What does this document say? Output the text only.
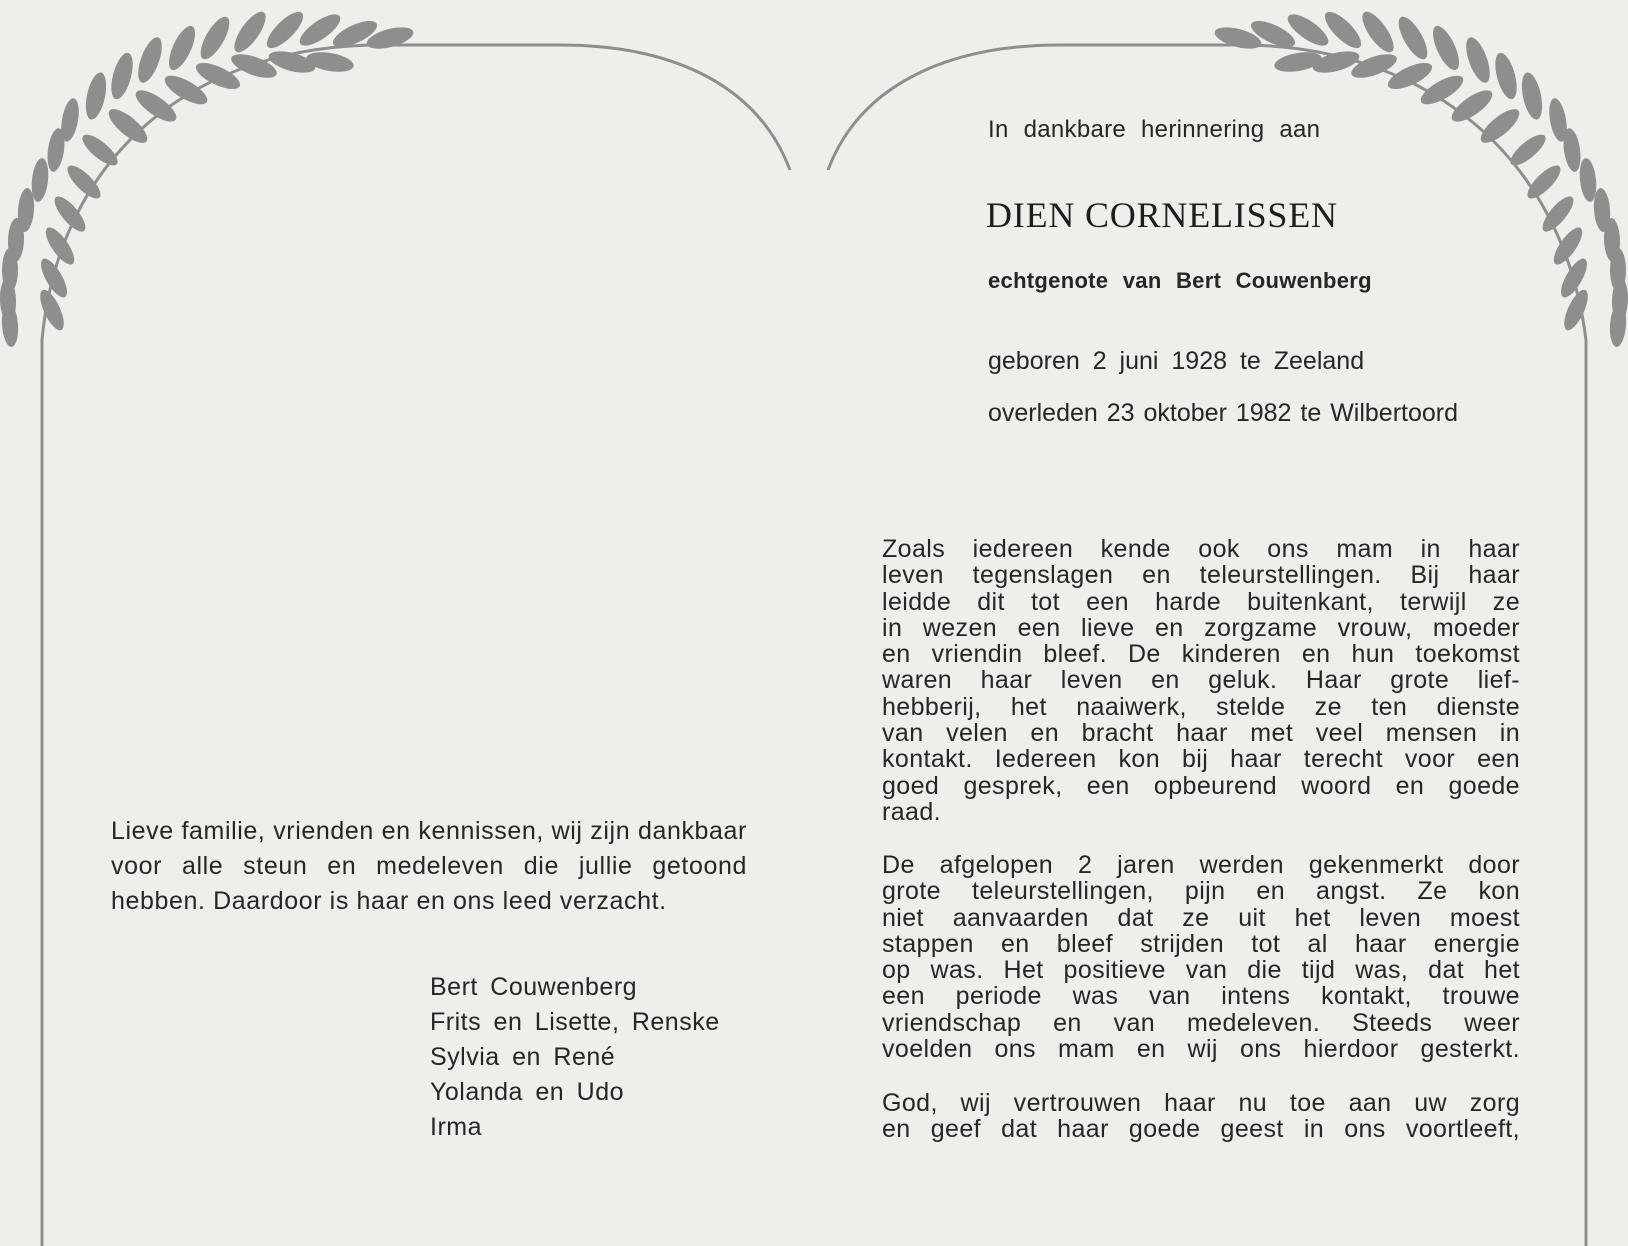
In dankbare herinnering aan
DIEN CORNELISSEN
echtgenote van Bert Couwenberg
geboren 2 juni 1928 te Zeeland
overleden 23 oktober 1982 te Wilbertoord
Zoals iedereen kende ook ons mam in haar
leven tegenslagen en teleurstellingen. Bij haar
leidde dit tot een harde buitenkant, terwijl ze
in wezen een lieve en zorgzame vrouw, moeder
en vriendin bleef. De kinderen en hun toekomst
waren haar leven en geluk. Haar grote lief-
hebberij, het naaiwerk, stelde ze ten dienste
van velen en bracht haar met veel mensen in
kontakt. Iedereen kon bij haar terecht voor een
goed gesprek, een opbeurend woord en goede
raad.
De afgelopen 2 jaren werden gekenmerkt door
grote teleurstellingen, pijn en angst. Ze kon
niet aanvaarden dat ze uit het leven moest
stappen en bleef strijden tot al haar energie
op was. Het positieve van die tijd was, dat het
een periode was van intens kontakt, trouwe
vriendschap en van medeleven. Steeds weer
voelden ons mam en wij ons hierdoor gesterkt.
God, wij vertrouwen haar nu toe aan uw zorg
en geef dat haar goede geest in ons voortleeft,
Lieve familie, vrienden en kennissen, wij zijn dankbaar voor alle steun en medeleven die jullie getoond hebben. Daardoor is haar en ons leed verzacht.
Bert Couwenberg
Frits en Lisette, Renske
Sylvia en René
Yolanda en Udo
Irma
